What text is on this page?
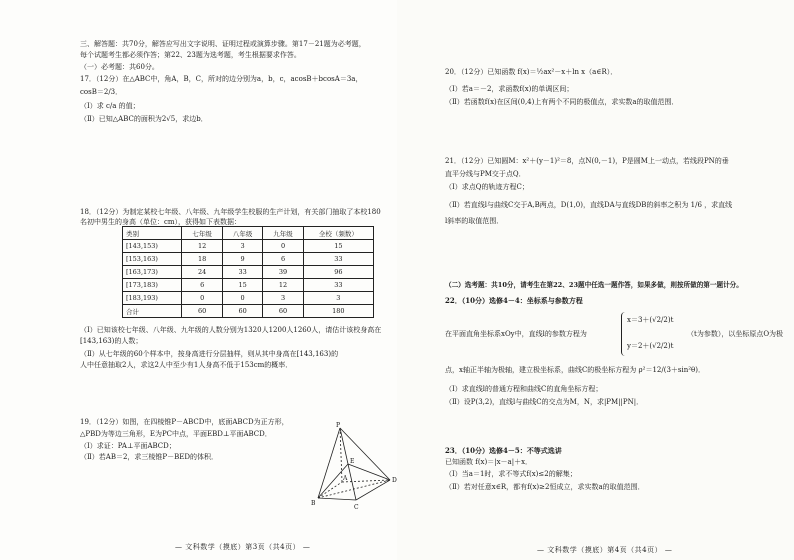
三、解答题：共70分，解答应写出文字说明、证明过程或演算步骤。第17－21题为必考题，
每个试题考生都必须作答；第22、23题为选考题，考生根据要求作答。
（一）必考题：共60分。
17．（12分）在△ABC中，角A，B，C，所对的边分别为a，b，c，acosB＋bcosA＝3a，
cosB＝2/3．
（Ⅰ）求 c/a 的值；
（Ⅱ）已知△ABC的面积为2√5，求边b．
18．（12分）为制定某校七年级、八年级、九年级学生校服的生产计划，有关部门抽取了本校180
名初中男生的身高（单位：cm），获得如下表数据：
类别	七年级	八年级	九年级	全校（频数）
[143,153)	12	3	0	15
[153,163)	18	9	6	33
[163,173)	24	33	39	96
[173,183)	6	15	12	33
[183,193)	0	0	3	3
合计	60	60	60	180
（Ⅰ）已知该校七年级、八年级、九年级的人数分别为1320人1200人1260人，请估计该校身高在
[143,163)的人数；
（Ⅱ）从七年级的60个样本中，按身高进行分层抽样，则从其中身高在[143,163)的
人中任意抽取2人，求这2人中至少有1人身高不低于153cm的概率．
19．（12分）如图，在四棱锥P－ABCD中，底面ABCD为正方形，
△PBD为等边三角形，E为PC中点，平面EBD⊥平面ABCD．
（Ⅰ）求证：PA⊥平面ABCD；
（Ⅱ）若AB＝2，求三棱锥P－BED的体积．
P
E
A	D
B
C
— 文科数学（摸底）第3页（共4页） —
20．（12分）已知函数 f(x)＝½ax²－x＋ln x（a∈R）．
（Ⅰ）若a＝－2，求函数f(x)的单调区间；
（Ⅱ）若函数f(x)在区间(0,4)上有两个不同的极值点，求实数a的取值范围．
21．（12分）已知圆M：x²＋(y－1)²＝8，点N(0,－1)，P是圆M上一动点，若线段PN的垂
直平分线与PM交于点Q．
（Ⅰ）求点Q的轨迹方程C；
（Ⅱ）若直线l与曲线C交于A,B两点，D(1,0)，直线DA与直线DB的斜率之积为 1/6 ，求直线
l斜率的取值范围．
（二）选考题：共10分，请考生在第22、23题中任选一题作答，如果多做，则按所做的第一题计分。
22．（10分）选修4－4：坐标系与参数方程
在平面直角坐标系xOy中，直线l的参数方程为
x＝3＋(√2/2)t
y＝2＋(√2/2)t
（t为参数），以坐标原点O为极
点，x轴正半轴为极轴，建立极坐标系，曲线C的极坐标方程为 ρ²＝12/(3＋sin²θ)．
（Ⅰ）求直线l的普通方程和曲线C的直角坐标方程；
（Ⅱ）设P(3,2)，直线l与曲线C的交点为M，N，求|PM||PN|．
23．（10分）选修4－5：不等式选讲
已知函数 f(x)＝|x－a|＋x．
（Ⅰ）当a＝1时，求不等式f(x)≤2的解集；
（Ⅱ）若对任意x∈R，都有f(x)≥2恒成立，求实数a的取值范围．
— 文科数学（摸底）第4页（共4页） —
